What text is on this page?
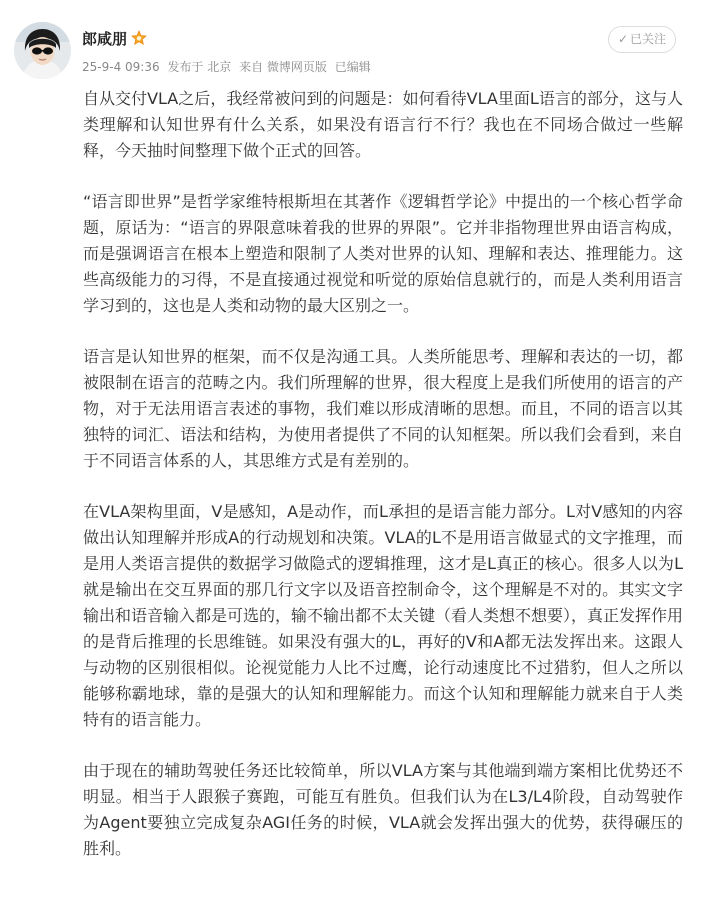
郎咸朋
25-9-4 09:36 发布于 北京 来自 微博网页版 已编辑
✓ 已关注

自从交付VLA之后，我经常被问到的问题是：如何看待VLA里面L语言的部分，这与人类理解和认知世界有什么关系，如果没有语言行不行？我也在不同场合做过一些解释，今天抽时间整理下做个正式的回答。

“语言即世界”是哲学家维特根斯坦在其著作《逻辑哲学论》中提出的一个核心哲学命题，原话为：“语言的界限意味着我的世界的界限”。它并非指物理世界由语言构成，而是强调语言在根本上塑造和限制了人类对世界的认知、理解和表达、推理能力。这些高级能力的习得，不是直接通过视觉和听觉的原始信息就行的，而是人类利用语言学习到的，这也是人类和动物的最大区别之一。

语言是认知世界的框架，而不仅是沟通工具。人类所能思考、理解和表达的一切，都被限制在语言的范畴之内。我们所理解的世界，很大程度上是我们所使用的语言的产物，对于无法用语言表述的事物，我们难以形成清晰的思想。而且，不同的语言以其独特的词汇、语法和结构，为使用者提供了不同的认知框架。所以我们会看到，来自于不同语言体系的人，其思维方式是有差别的。

在VLA架构里面，V是感知，A是动作，而L承担的是语言能力部分。L对V感知的内容做出认知理解并形成A的行动规划和决策。VLA的L不是用语言做显式的文字推理，而是用人类语言提供的数据学习做隐式的逻辑推理，这才是L真正的核心。很多人以为L就是输出在交互界面的那几行文字以及语音控制命令，这个理解是不对的。其实文字输出和语音输入都是可选的，输不输出都不太关键（看人类想不想要），真正发挥作用的是背后推理的长思维链。如果没有强大的L，再好的V和A都无法发挥出来。这跟人与动物的区别很相似。论视觉能力人比不过鹰，论行动速度比不过猎豹，但人之所以能够称霸地球，靠的是强大的认知和理解能力。而这个认知和理解能力就来自于人类特有的语言能力。

由于现在的辅助驾驶任务还比较简单，所以VLA方案与其他端到端方案相比优势还不明显。相当于人跟猴子赛跑，可能互有胜负。但我们认为在L3/L4阶段，自动驾驶作为Agent要独立完成复杂AGI任务的时候，VLA就会发挥出强大的优势，获得碾压的胜利。
